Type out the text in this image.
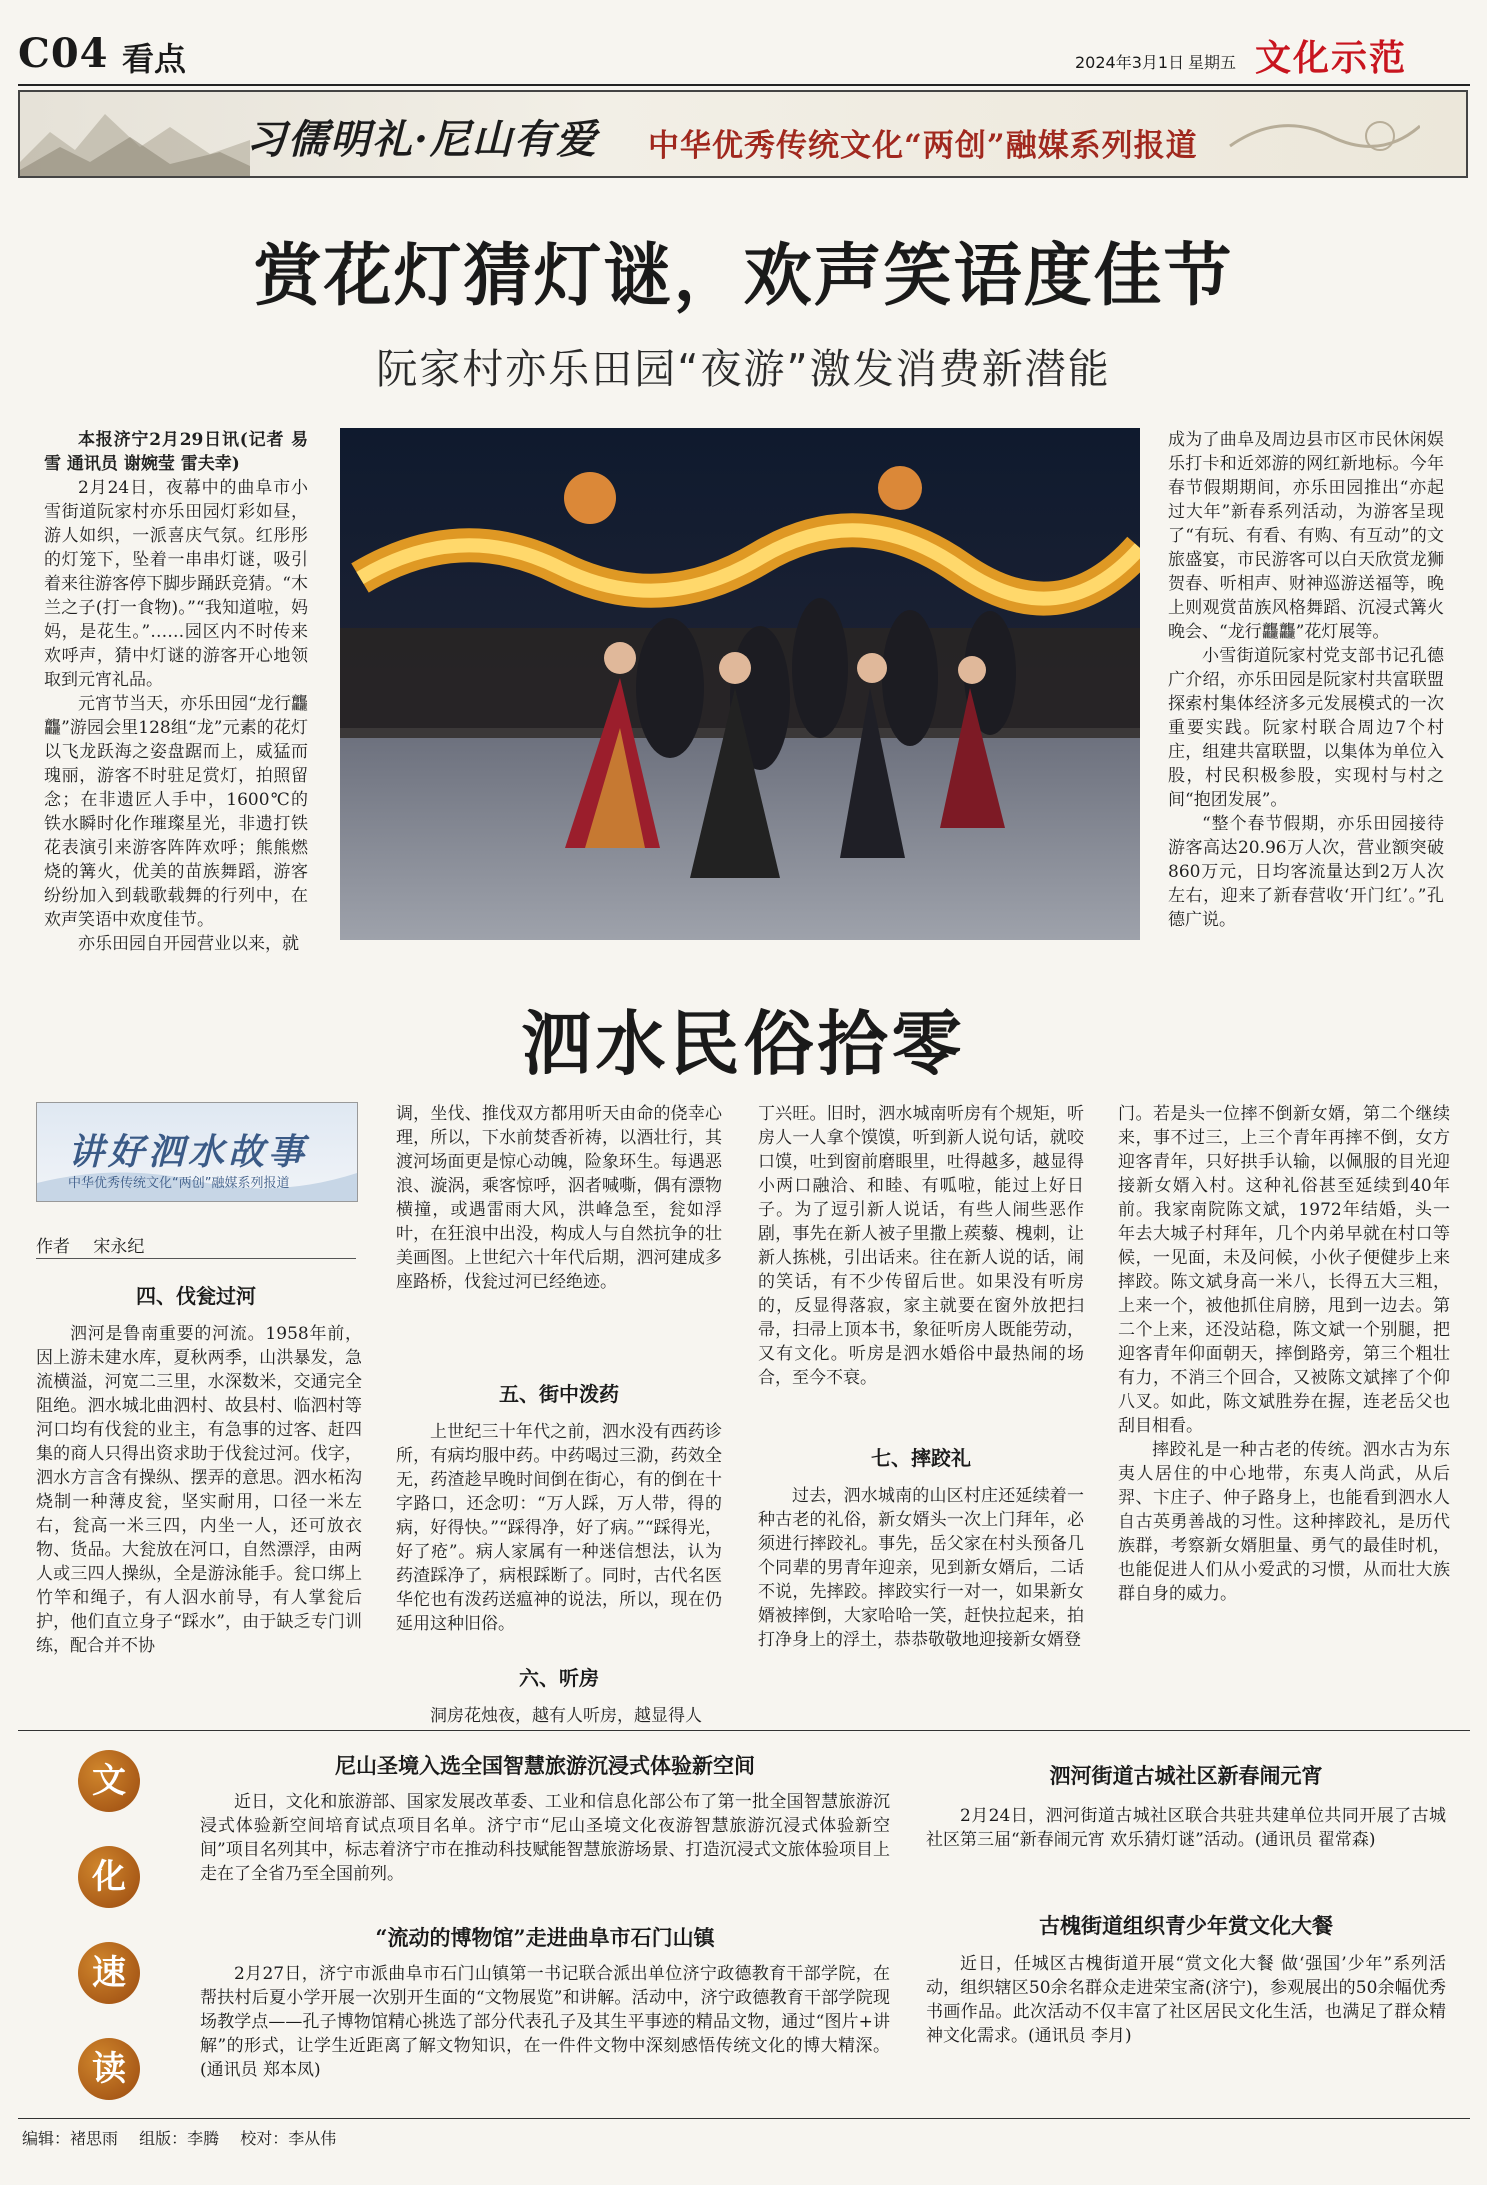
C04 看点	2024年3月1日 星期五 文化示范
习儒明礼·尼山有爱 中华优秀传统文化“两创”融媒系列报道
赏花灯猜灯谜，欢声笑语度佳节
阮家村亦乐田园“夜游”激发消费新潜能

本报济宁2月29日讯(记者 易雪 通讯员 谢婉莹 雷夫幸)

2月24日，夜幕中的曲阜市小雪街道阮家村亦乐田园灯彩如昼，游人如织，一派喜庆气氛。红彤彤的灯笼下，坠着一串串灯谜，吸引着来往游客停下脚步踊跃竞猜。“木兰之子(打一食物)。”“我知道啦，妈妈，是花生。”……园区内不时传来欢呼声，猜中灯谜的游客开心地领取到元宵礼品。

元宵节当天，亦乐田园“龙行龘龘”游园会里128组“龙”元素的花灯以飞龙跃海之姿盘踞而上，威猛而瑰丽，游客不时驻足赏灯，拍照留念；在非遗匠人手中，1600℃的铁水瞬时化作璀璨星光，非遗打铁花表演引来游客阵阵欢呼；熊熊燃烧的篝火，优美的苗族舞蹈，游客纷纷加入到载歌载舞的行列中，在欢声笑语中欢度佳节。

亦乐田园自开园营业以来，就

成为了曲阜及周边县市区市民休闲娱乐打卡和近郊游的网红新地标。今年春节假期期间，亦乐田园推出“亦起过大年”新春系列活动，为游客呈现了“有玩、有看、有购、有互动”的文旅盛宴，市民游客可以白天欣赏龙狮贺春、听相声、财神巡游送福等，晚上则观赏苗族风格舞蹈、沉浸式篝火晚会、“龙行龘龘”花灯展等。

小雪街道阮家村党支部书记孔德广介绍，亦乐田园是阮家村共富联盟探索村集体经济多元发展模式的一次重要实践。阮家村联合周边7个村庄，组建共富联盟，以集体为单位入股，村民积极参股，实现村与村之间“抱团发展”。

“整个春节假期，亦乐田园接待游客高达20.96万人次，营业额突破860万元，日均客流量达到2万人次左右，迎来了新春营收‘开门红’。”孔德广说。

泗水民俗拾零
讲好泗水故事
中华优秀传统文化“两创”融媒系列报道
作者 宋永纪
四、伐瓮过河

泗河是鲁南重要的河流。1958年前，因上游未建水库，夏秋两季，山洪暴发，急流横溢，河宽二三里，水深数米，交通完全阻绝。泗水城北曲泗村、故县村、临泗村等河口均有伐瓮的业主，有急事的过客、赶四集的商人只得出资求助于伐瓮过河。伐字，泗水方言含有操纵、摆弄的意思。泗水柘沟烧制一种薄皮瓮，坚实耐用，口径一米左右，瓮高一米三四，内坐一人，还可放衣物、货品。大瓮放在河口，自然漂浮，由两人或三四人操纵，全是游泳能手。瓮口绑上竹竿和绳子，有人泅水前导，有人掌瓮后护，他们直立身子“踩水”，由于缺乏专门训练，配合并不协

调，坐伐、推伐双方都用听天由命的侥幸心理，所以，下水前焚香祈祷，以酒壮行，其渡河场面更是惊心动魄，险象环生。每遇恶浪、漩涡，乘客惊呼，泅者喊嘶，偶有漂物横撞，或遇雷雨大风，洪峰急至，瓮如浮叶，在狂浪中出没，构成人与自然抗争的壮美画图。上世纪六十年代后期，泗河建成多座路桥，伐瓮过河已经绝迹。

五、街中泼药

上世纪三十年代之前，泗水没有西药诊所，有病均服中药。中药喝过三泐，药效全无，药渣趁早晚时间倒在街心，有的倒在十字路口，还念叨：“万人踩，万人带，得的病，好得快。”“踩得净，好了病。”“踩得光，好了疮”。病人家属有一种迷信想法，认为药渣踩净了，病根踩断了。同时，古代名医华佗也有泼药送瘟神的说法，所以，现在仍延用这种旧俗。

六、听房

洞房花烛夜，越有人听房，越显得人

丁兴旺。旧时，泗水城南听房有个规矩，听房人一人拿个馍馍，听到新人说句话，就咬口馍，吐到窗前磨眼里，吐得越多，越显得小两口融洽、和睦、有呱啦，能过上好日子。为了逗引新人说话，有些人闹些恶作剧，事先在新人被子里撒上蒺藜、槐刺，让新人拣桃，引出话来。往在新人说的话，闹的笑话，有不少传留后世。如果没有听房的，反显得落寂，家主就要在窗外放把扫帚，扫帚上顶本书，象征听房人既能劳动，又有文化。听房是泗水婚俗中最热闹的场合，至今不衰。

七、摔跤礼

过去，泗水城南的山区村庄还延续着一种古老的礼俗，新女婿头一次上门拜年，必须进行摔跤礼。事先，岳父家在村头预备几个同辈的男青年迎亲，见到新女婿后，二话不说，先摔跤。摔跤实行一对一，如果新女婿被摔倒，大家哈哈一笑，赶快拉起来，拍打净身上的浮土，恭恭敬敬地迎接新女婿登

门。若是头一位摔不倒新女婿，第二个继续来，事不过三，上三个青年再摔不倒，女方迎客青年，只好拱手认输，以佩服的目光迎接新女婿入村。这种礼俗甚至延续到40年前。我家南院陈文斌，1972年结婚，头一年去大城子村拜年，几个内弟早就在村口等候，一见面，未及问候，小伙子便健步上来摔跤。陈文斌身高一米八，长得五大三粗，上来一个，被他抓住肩膀，甩到一边去。第二个上来，还没站稳，陈文斌一个别腿，把迎客青年仰面朝天，摔倒路旁，第三个粗壮有力，不消三个回合，又被陈文斌摔了个仰八叉。如此，陈文斌胜券在握，连老岳父也刮目相看。

摔跤礼是一种古老的传统。泗水古为东夷人居住的中心地带，东夷人尚武，从后羿、卞庄子、仲子路身上，也能看到泗水人自古英勇善战的习性。这种摔跤礼，是历代族群，考察新女婿胆量、勇气的最佳时机，也能促进人们从小爱武的习惯，从而壮大族群自身的威力。

文
化
速
读
尼山圣境入选全国智慧旅游沉浸式体验新空间

近日，文化和旅游部、国家发展改革委、工业和信息化部公布了第一批全国智慧旅游沉浸式体验新空间培育试点项目名单。济宁市“尼山圣境文化夜游智慧旅游沉浸式体验新空间”项目名列其中，标志着济宁市在推动科技赋能智慧旅游场景、打造沉浸式文旅体验项目上走在了全省乃至全国前列。

“流动的博物馆”走进曲阜市石门山镇

2月27日，济宁市派曲阜市石门山镇第一书记联合派出单位济宁政德教育干部学院，在帮扶村后夏小学开展一次别开生面的“文物展览”和讲解。活动中，济宁政德教育干部学院现场教学点——孔子博物馆精心挑选了部分代表孔子及其生平事迹的精品文物，通过“图片+讲解”的形式，让学生近距离了解文物知识，在一件件文物中深刻感悟传统文化的博大精深。(通讯员 郑本凤)

泗河街道古城社区新春闹元宵

2月24日，泗河街道古城社区联合共驻共建单位共同开展了古城社区第三届“新春闹元宵 欢乐猜灯谜”活动。(通讯员 翟常森)

古槐街道组织青少年赏文化大餐

近日，任城区古槐街道开展“赏文化大餐 做‘强国’少年”系列活动，组织辖区50余名群众走进荣宝斋(济宁)，参观展出的50余幅优秀书画作品。此次活动不仅丰富了社区居民文化生活，也满足了群众精神文化需求。(通讯员 李月)

编辑：褚思雨 组版：李腾 校对：李从伟
